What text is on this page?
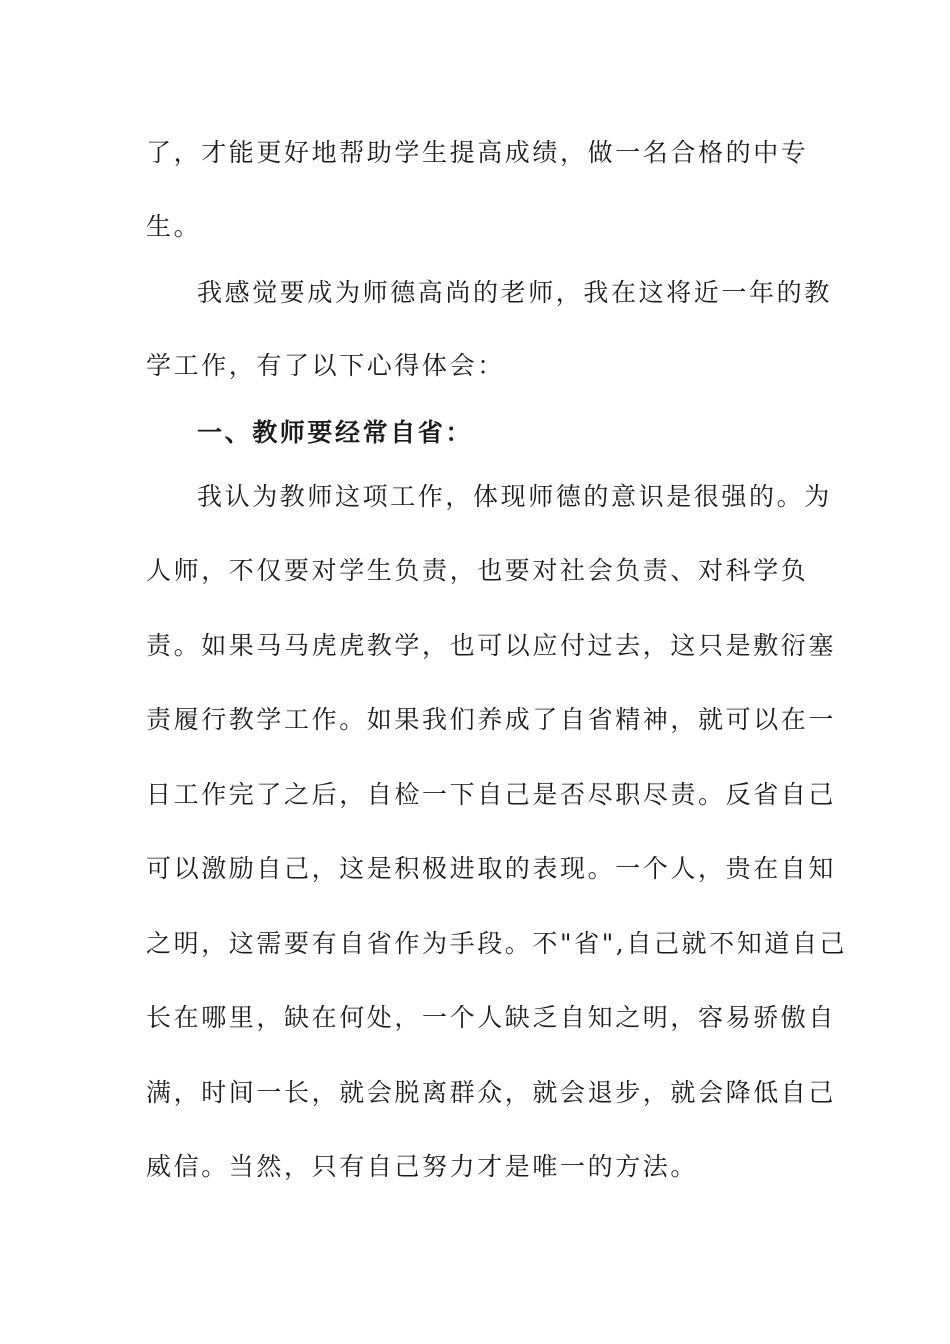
了，才能更好地帮助学生提高成绩，做一名合格的中专
生。
我感觉要成为师德高尚的老师，我在这将近一年的教
学工作，有了以下心得体会：
一、教师要经常自省：
我认为教师这项工作，体现师德的意识是很强的。为
人师，不仅要对学生负责，也要对社会负责、对科学负
责。如果马马虎虎教学，也可以应付过去，这只是敷衍塞
责履行教学工作。如果我们养成了自省精神，就可以在一
日工作完了之后，自检一下自己是否尽职尽责。反省自己
可以激励自己，这是积极进取的表现。一个人，贵在自知
之明，这需要有自省作为手段。不"省",自己就不知道自己
长在哪里，缺在何处，一个人缺乏自知之明，容易骄傲自
满，时间一长，就会脱离群众，就会退步，就会降低自己
威信。当然，只有自己努力才是唯一的方法。
